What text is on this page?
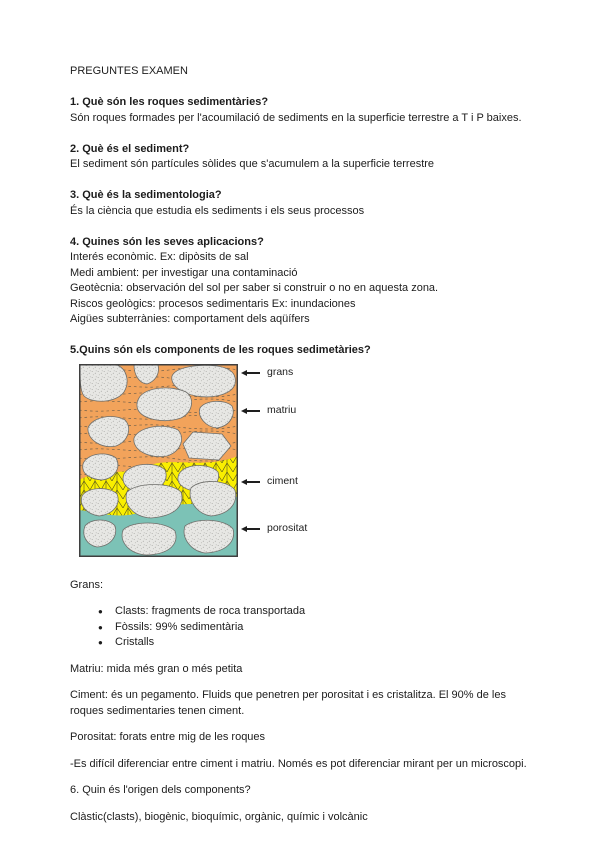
PREGUNTES EXAMEN
1. Què són les roques sedimentàries?

Són roques formades per l'acoumilació de sediments en la superficie terrestre a T i P baixes.

2. Què és el sediment?

El sediment són partícules sòlides que s'acumulem a la superficie terrestre

3. Què és la sedimentologia?

És la ciència que estudia els sediments i els seus processos

4. Quines són les seves aplicacions?

Interés econòmic. Ex: dipòsits de sal

Medi ambient: per investigar una contaminació

Geotècnia: observación del sol per saber si construir o no en aquesta zona.

Riscos geològics: procesos sedimentaris Ex: inundaciones

Aigües subterrànies: comportament dels aqüífers

5.Quins són els components de les roques sedimetàries?
grans
matriu
ciment
porositat

Grans:

●
Clasts: fragments de roca transportada
●
Fòssils: 99% sedimentària
●
Cristalls

Matriu: mida més gran o més petita

Ciment: és un pegamento. Fluids que penetren per porositat i es cristalitza. El 90% de les roques sedimentaries tenen ciment.

Porositat: forats entre mig de les roques

-Es difícil diferenciar entre ciment i matriu. Només es pot diferenciar mirant per un microscopi.

6. Quin és l'origen dels components?

Clàstic(clasts), biogènic, bioquímic, orgànic, químic i volcànic
